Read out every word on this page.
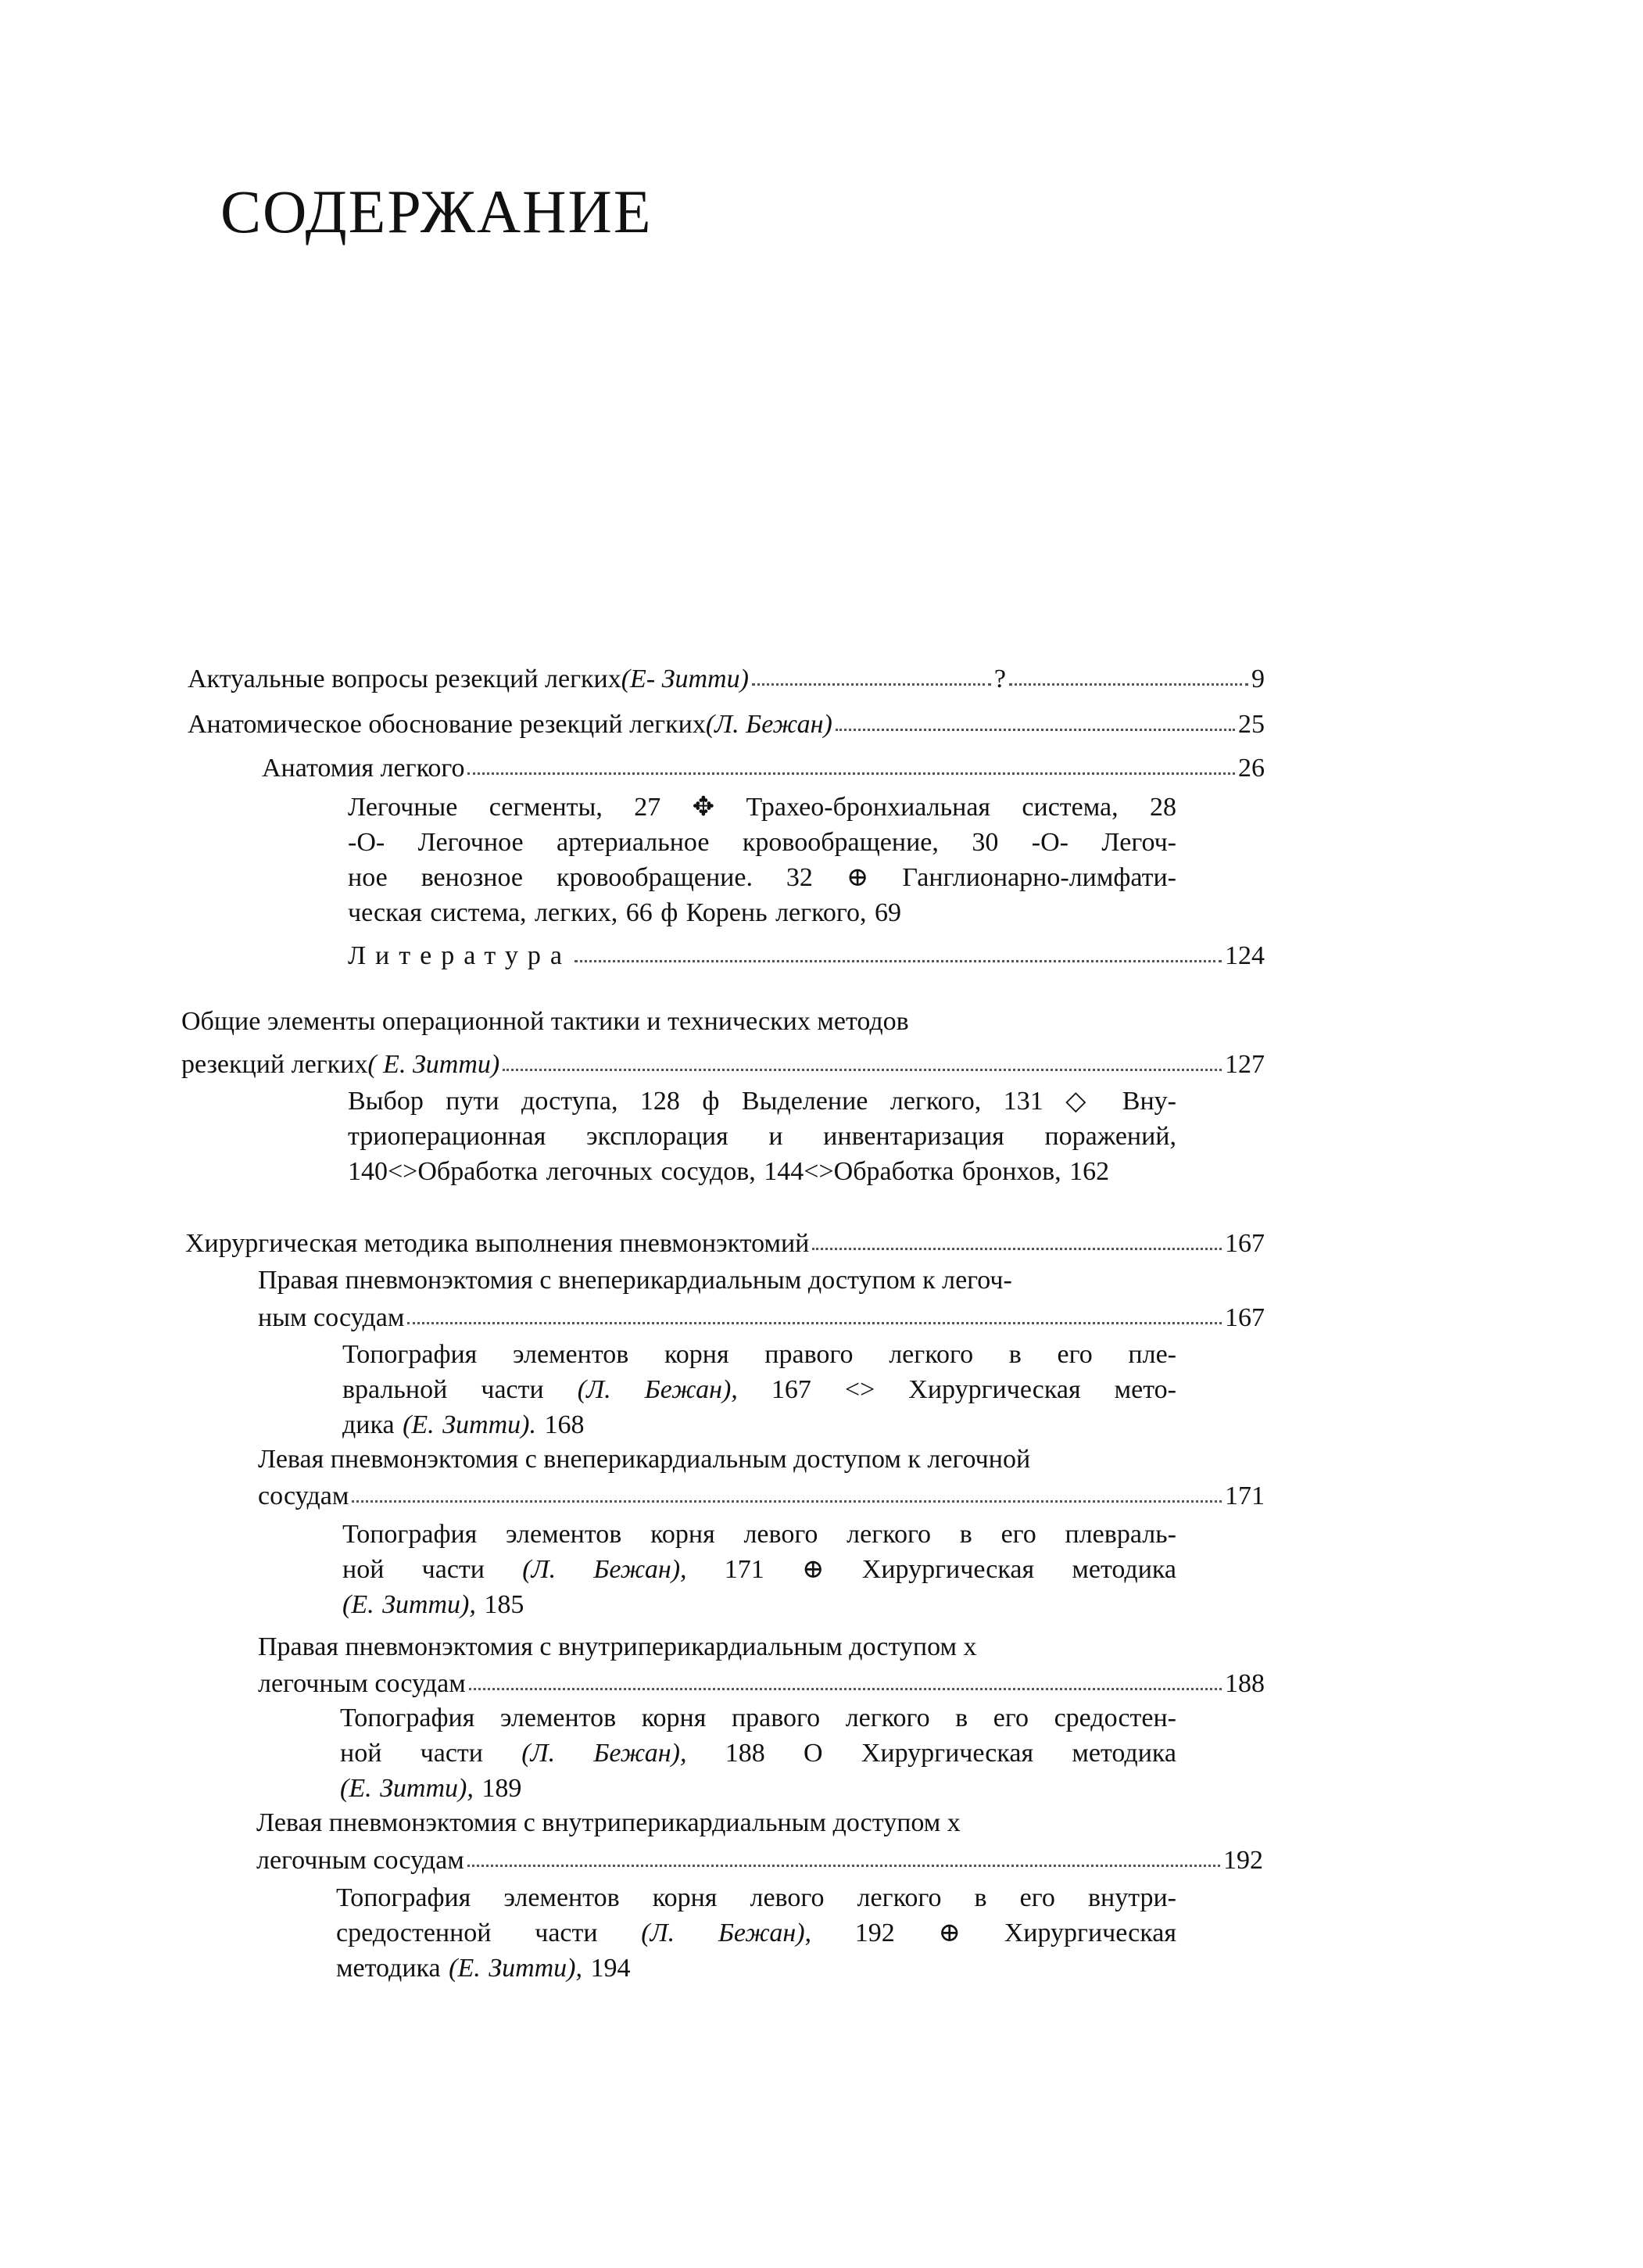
СОДЕРЖАНИЕ
Актуальные вопросы резекций легких (Е- Зитти)	?	9
Анатомическое обоснование резекций легких (Л. Бежан)	25
Анатомия легкого	26
Легочные сегменты, 27 ✥ Трахео-бронхиальная система, 28
-О- Легочное артериальное кровообращение, 30 -О- Легоч-
ное венозное кровообращение. 32 ⊕ Ганглионарно-лимфати-
ческая система, легких, 66 ф Корень легкого, 69
Литература	124
Общие элементы операционной тактики и технических методов
резекций легких ( Е. Зитти)	127
Выбор пути доступа, 128 ф Выделение легкого, 131 ◇ Вну-
триоперационная эксплорация и инвентаризация поражений,
140<>Обработка легочных сосудов, 144<>Обработка бронхов, 162
Хирургическая методика выполнения пневмонэктомий	167
Правая пневмонэктомия с внеперикардиальным доступом к легоч-
ным сосудам	167
Топография элементов корня правого легкого в его пле-
вральной части (Л. Бежан), 167 <> Хирургическая мето-
дика (Е. Зитти). 168
Левая пневмонэктомия с внеперикардиальным доступом к легочной
сосудам	171
Топография элементов корня левого легкого в его плевраль-
ной части (Л. Бежан), 171 ⊕ Хирургическая методика
(Е. Зитти), 185
Правая пневмонэктомия с внутриперикардиальным доступом х
легочным сосудам	188
Топография элементов корня правого легкого в его средостен-
ной части (Л. Бежан), 188 О Хирургическая методика
(Е. Зитти), 189
Левая пневмонэктомия с внутриперикардиальным доступом х
легочным сосудам	192
Топография элементов корня левого легкого в его внутри-
средостенной части (Л. Бежан), 192 ⊕ Хирургическая
методика (Е. Зитти), 194
